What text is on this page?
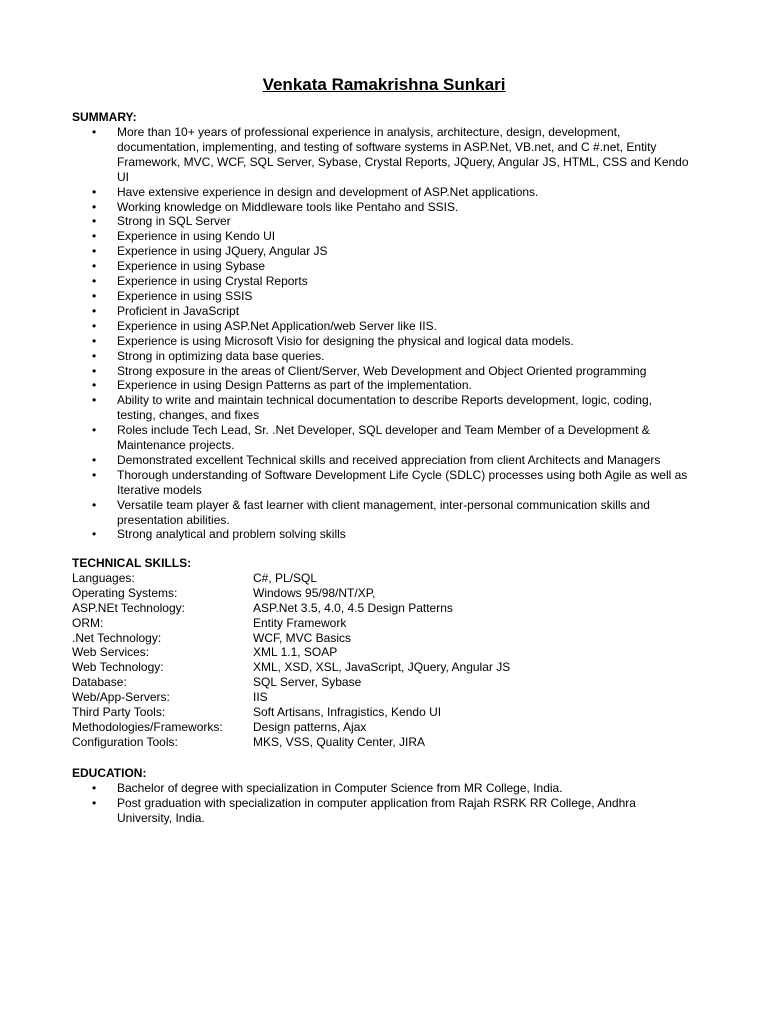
Venkata Ramakrishna Sunkari
SUMMARY:
•	More than 10+ years of professional experience in analysis, architecture, design, development, documentation, implementing, and testing of software systems in ASP.Net, VB.net, and C #.net, Entity Framework, MVC, WCF, SQL Server, Sybase, Crystal Reports, JQuery, Angular JS, HTML, CSS and Kendo UI
•	Have extensive experience in design and development of ASP.Net applications.
•	Working knowledge on Middleware tools like Pentaho and SSIS.
•	Strong in SQL Server
•	Experience in using Kendo UI
•	Experience in using JQuery, Angular JS
•	Experience in using Sybase
•	Experience in using Crystal Reports
•	Experience in using SSIS
•	Proficient in JavaScript
•	Experience in using ASP.Net Application/web Server like IIS.
•	Experience is using Microsoft Visio for designing the physical and logical data models.
•	Strong in optimizing data base queries.
•	Strong exposure in the areas of Client/Server, Web Development and Object Oriented programming
•	Experience in using Design Patterns as part of the implementation.
•	Ability to write and maintain technical documentation to describe Reports development, logic, coding, testing, changes, and fixes
•	Roles include Tech Lead, Sr. .Net Developer, SQL developer and Team Member of a Development & Maintenance projects.
•	Demonstrated excellent Technical skills and received appreciation from client Architects and Managers
•	Thorough understanding of Software Development Life Cycle (SDLC) processes using both Agile as well as Iterative models
•	Versatile team player & fast learner with client management, inter-personal communication skills and presentation abilities.
•	Strong analytical and problem solving skills
TECHNICAL SKILLS:
Languages:	C#, PL/SQL
Operating Systems:	Windows 95/98/NT/XP,
ASP.NEt Technology:	ASP.Net 3.5, 4.0, 4.5 Design Patterns
ORM:	Entity Framework
.Net Technology:	WCF, MVC Basics
Web Services:	XML 1.1, SOAP
Web Technology:	XML, XSD, XSL, JavaScript, JQuery, Angular JS
Database:	SQL Server, Sybase
Web/App-Servers:	IIS
Third Party Tools:	Soft Artisans, Infragistics, Kendo UI
Methodologies/Frameworks:	Design patterns, Ajax
Configuration Tools:	MKS, VSS, Quality Center, JIRA
EDUCATION:
•	Bachelor of degree with specialization in Computer Science from MR College, India.
•	Post graduation with specialization in computer application from Rajah RSRK RR College, Andhra University, India.
